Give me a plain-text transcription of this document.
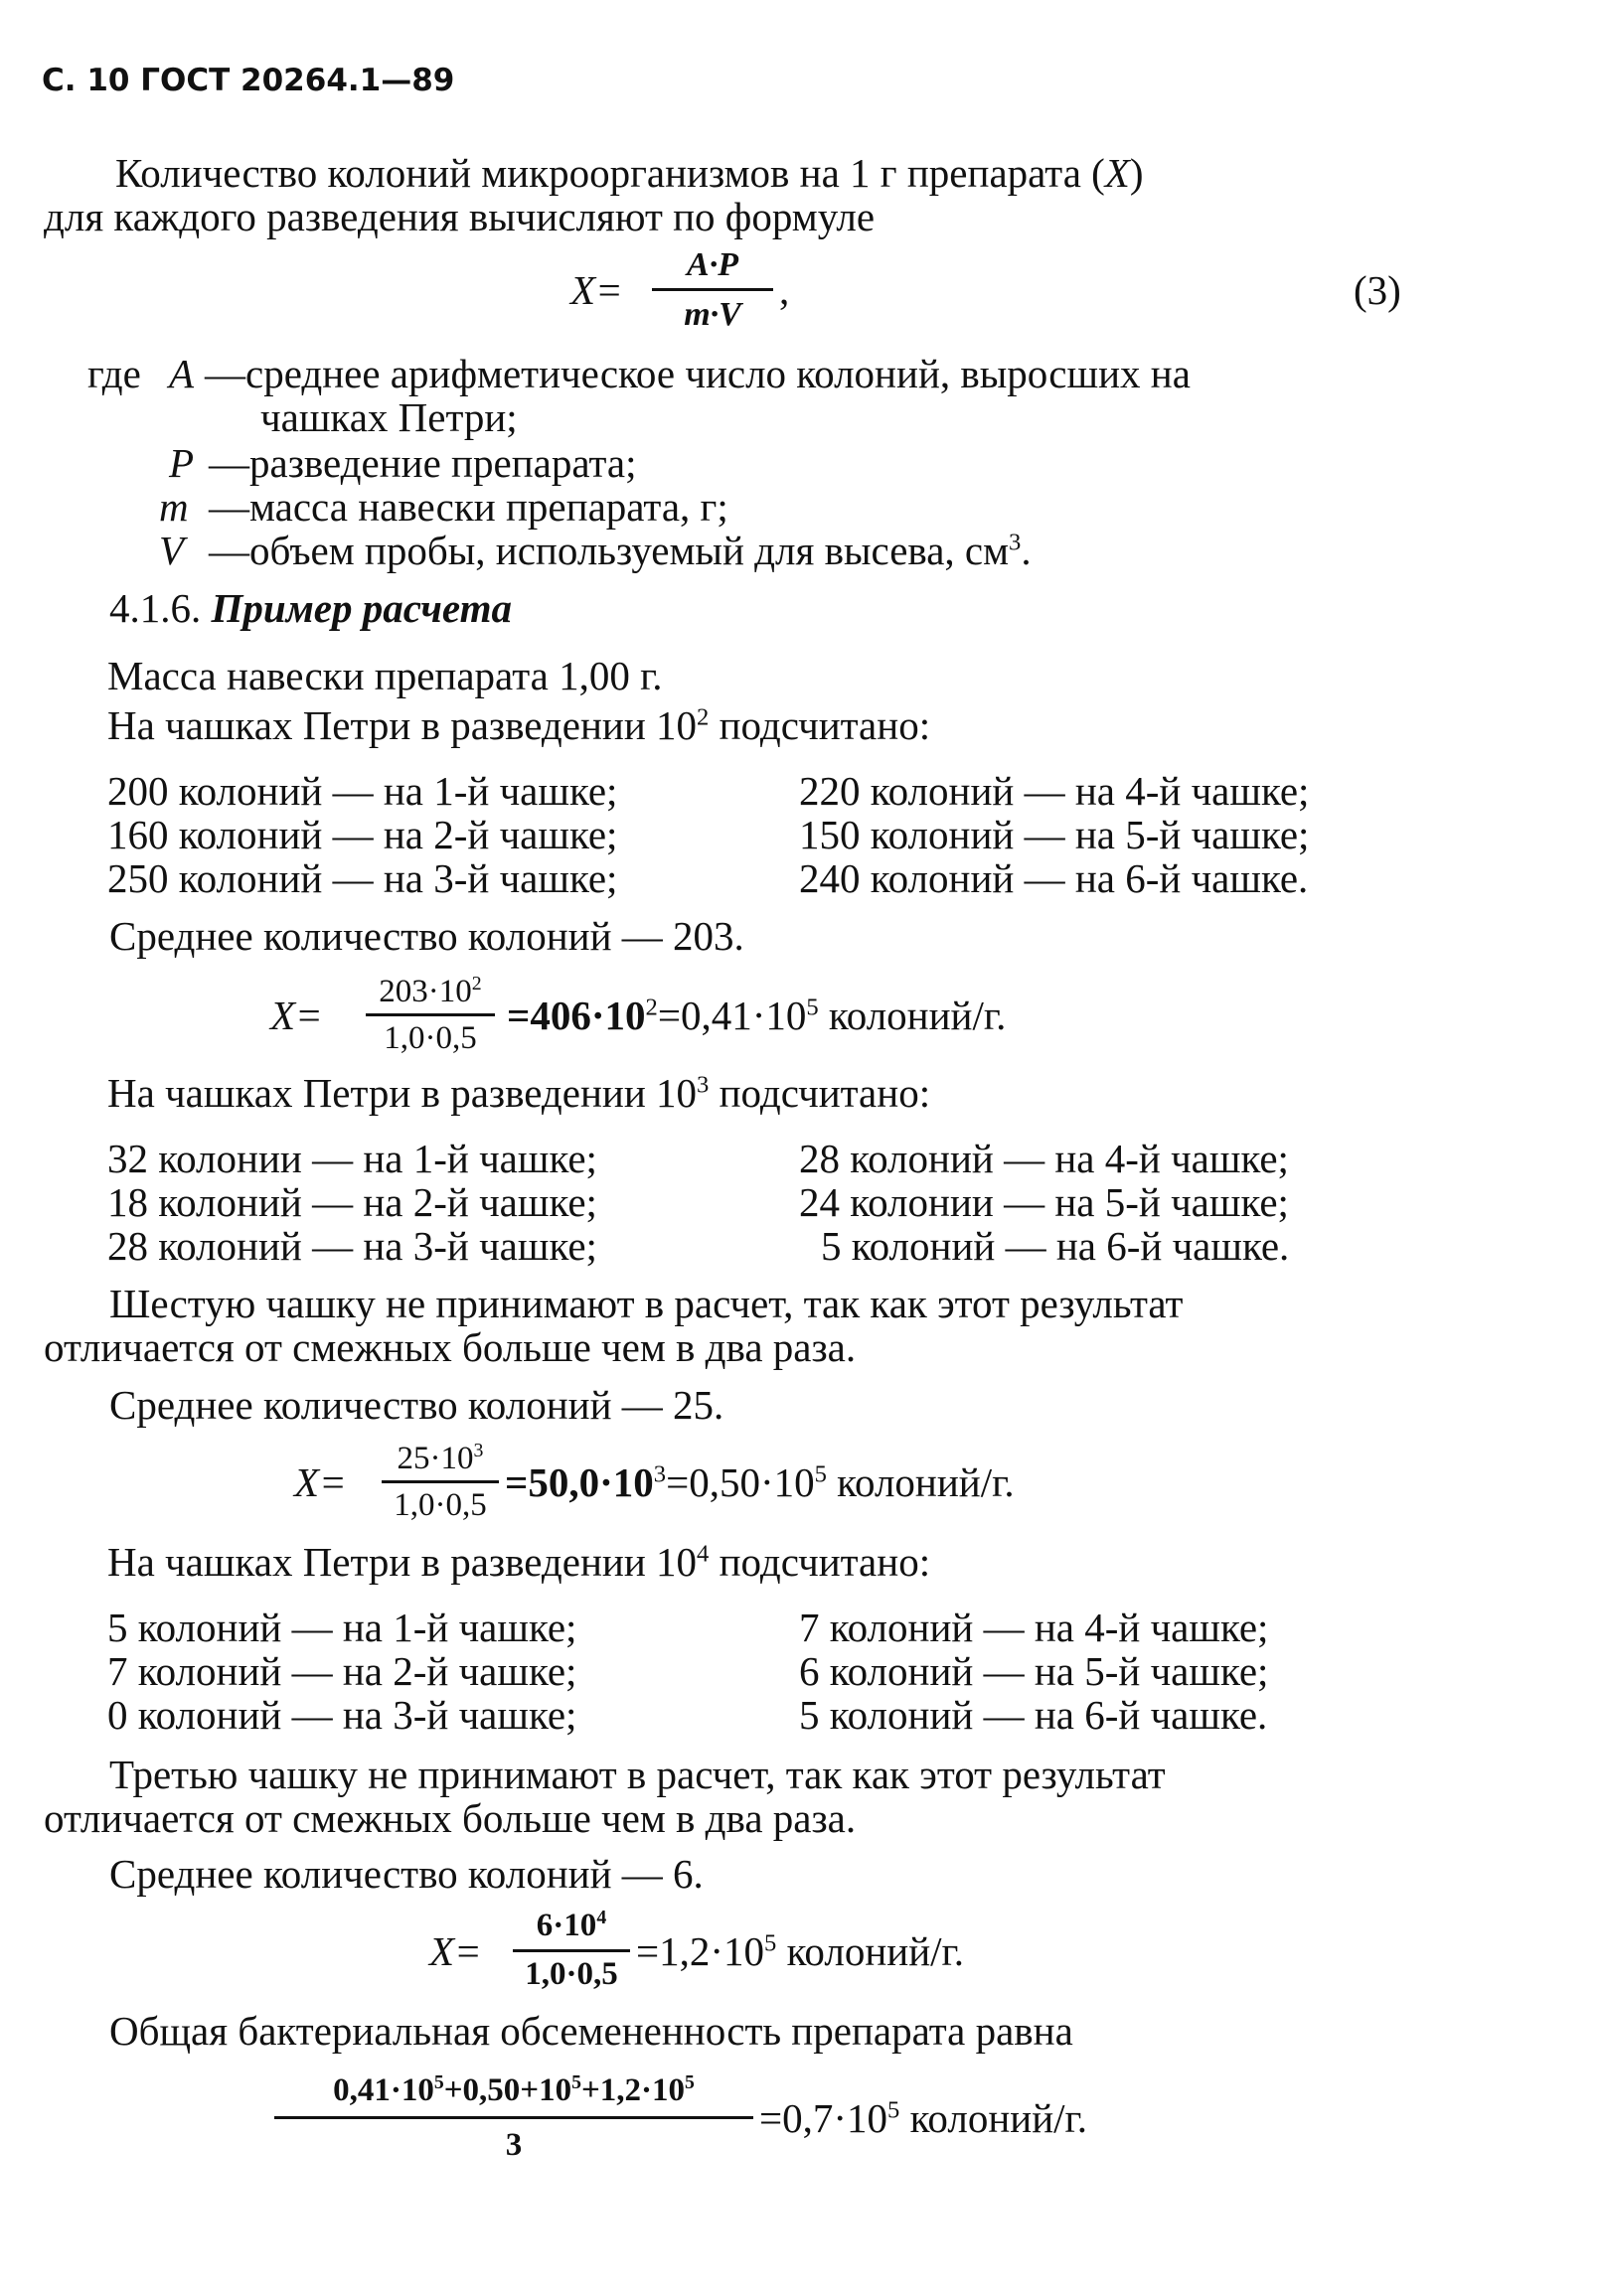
С. 10 ГОСТ 20264.1—89
Количество колоний микроорганизмов на 1 г препарата (X)
для каждого разведения вычисляют по формуле
X=
A·P
m·V
,	(3)
где A —среднее арифметическое число колоний, выросших на
чашках Петри;
P —разведение препарата;
m —масса навески препарата, г;
V —объем пробы, используемый для высева, $см^3$.
4.1.6. Пример расчета
Масса навески препарата 1,00 г.
На чашках Петри в разведении $10^2$ подсчитано:
200 колоний — на 1-й чашке;
160 колоний — на 2-й чашке;
250 колоний — на 3-й чашке;
220 колоний — на 4-й чашке;
150 колоний — на 5-й чашке;
240 колоний — на 6-й чашке.
Среднее количество колоний — 203.
X=
$203\cdot 10^2$
$1,0\cdot 0,5 =406\cdot 10^2=0,41\cdot 10^5$ колоний/г.
На чашках Петри в разведении $10^3$ подсчитано:
32 колонии — на 1-й чашке;
18 колоний — на 2-й чашке;
28 колоний — на 3-й чашке;
28 колоний — на 4-й чашке;
24 колонии — на 5-й чашке;
5 колоний — на 6-й чашке.
Шестую чашку не принимают в расчет, так как этот результат
отличается от смежных больше чем в два раза.
Среднее количество колоний — 25.
X=
$25\cdot 10^3$
$1,0\cdot 0,5 =50,0\cdot 10^3=0,50\cdot 10^5$ колоний/г.
На чашках Петри в разведении $10^4$ подсчитано:
5 колоний — на 1-й чашке;
7 колоний — на 2-й чашке;
0 колоний — на 3-й чашке;
7 колоний — на 4-й чашке;
6 колоний — на 5-й чашке;
5 колоний — на 6-й чашке.
Третью чашку не принимают в расчет, так как этот результат
отличается от смежных больше чем в два раза.
Среднее количество колоний — 6.
X=
$6\cdot 10^4$
$1,0\cdot 0,5 =1,2\cdot 10^5$ колоний/г.
Общая бактериальная обсемененность препарата равна
$0,41\cdot 10^5+0,50+10^5+1,2\cdot 10^5$
3
$=0,7\cdot 10^5$ колоний/г.
